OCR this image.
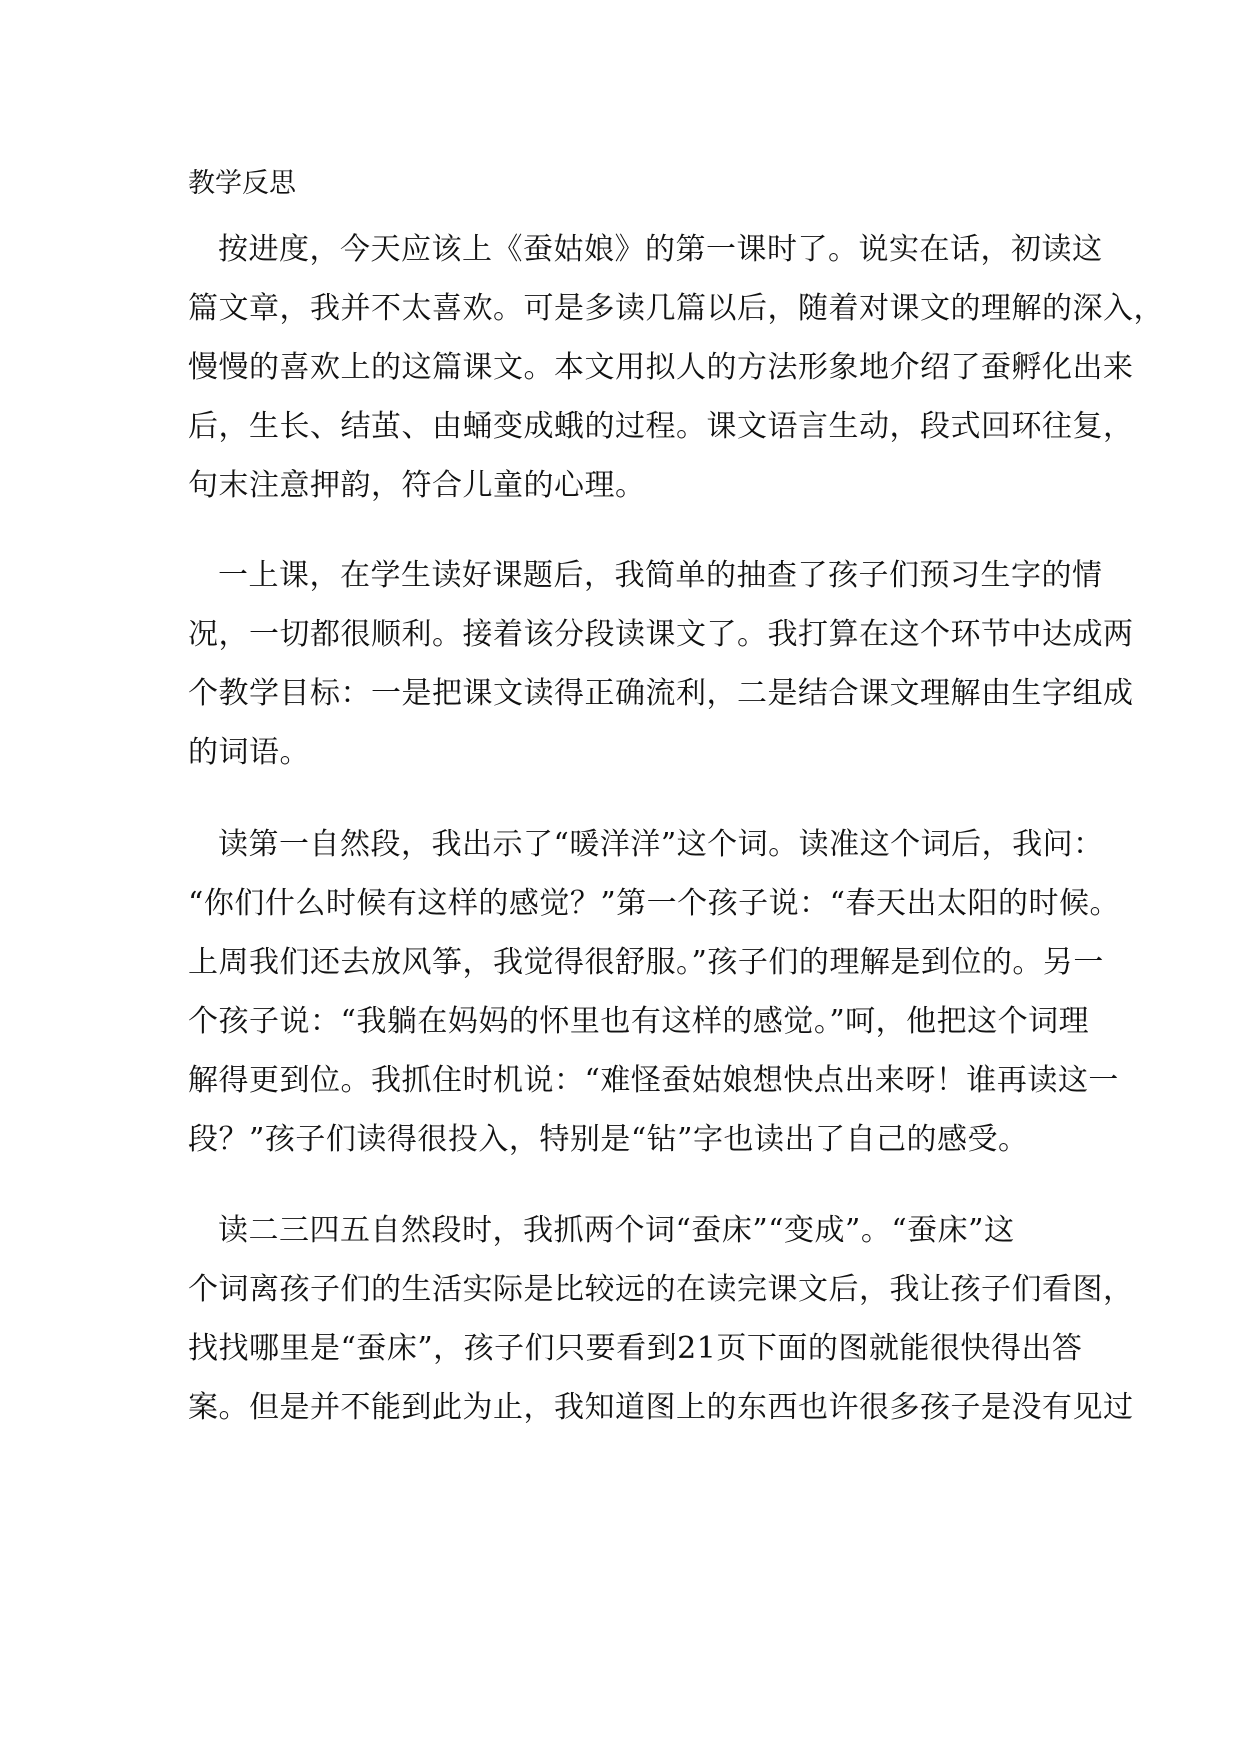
教学反思
按进度，今天应该上《蚕姑娘》的第一课时了。说实在话，初读这
篇文章，我并不太喜欢。可是多读几篇以后，随着对课文的理解的深入，
慢慢的喜欢上的这篇课文。本文用拟人的方法形象地介绍了蚕孵化出来
后，生长、结茧、由蛹变成蛾的过程。课文语言生动，段式回环往复，
句末注意押韵，符合儿童的心理。
一上课，在学生读好课题后，我简单的抽查了孩子们预习生字的情
况，一切都很顺利。接着该分段读课文了。我打算在这个环节中达成两
个教学目标：一是把课文读得正确流利，二是结合课文理解由生字组成
的词语。
读第一自然段，我出示了“暖洋洋”这个词。读准这个词后，我问：
“你们什么时候有这样的感觉？”第一个孩子说：“春天出太阳的时候。
上周我们还去放风筝，我觉得很舒服。”孩子们的理解是到位的。另一
个孩子说：“我躺在妈妈的怀里也有这样的感觉。”呵，他把这个词理
解得更到位。我抓住时机说：“难怪蚕姑娘想快点出来呀！谁再读这一
段？”孩子们读得很投入，特别是“钻”字也读出了自己的感受。
读二三四五自然段时，我抓两个词“蚕床”“变成”。“蚕床”这
个词离孩子们的生活实际是比较远的在读完课文后，我让孩子们看图，
找找哪里是“蚕床”，孩子们只要看到21页下面的图就能很快得出答
案。但是并不能到此为止，我知道图上的东西也许很多孩子是没有见过
